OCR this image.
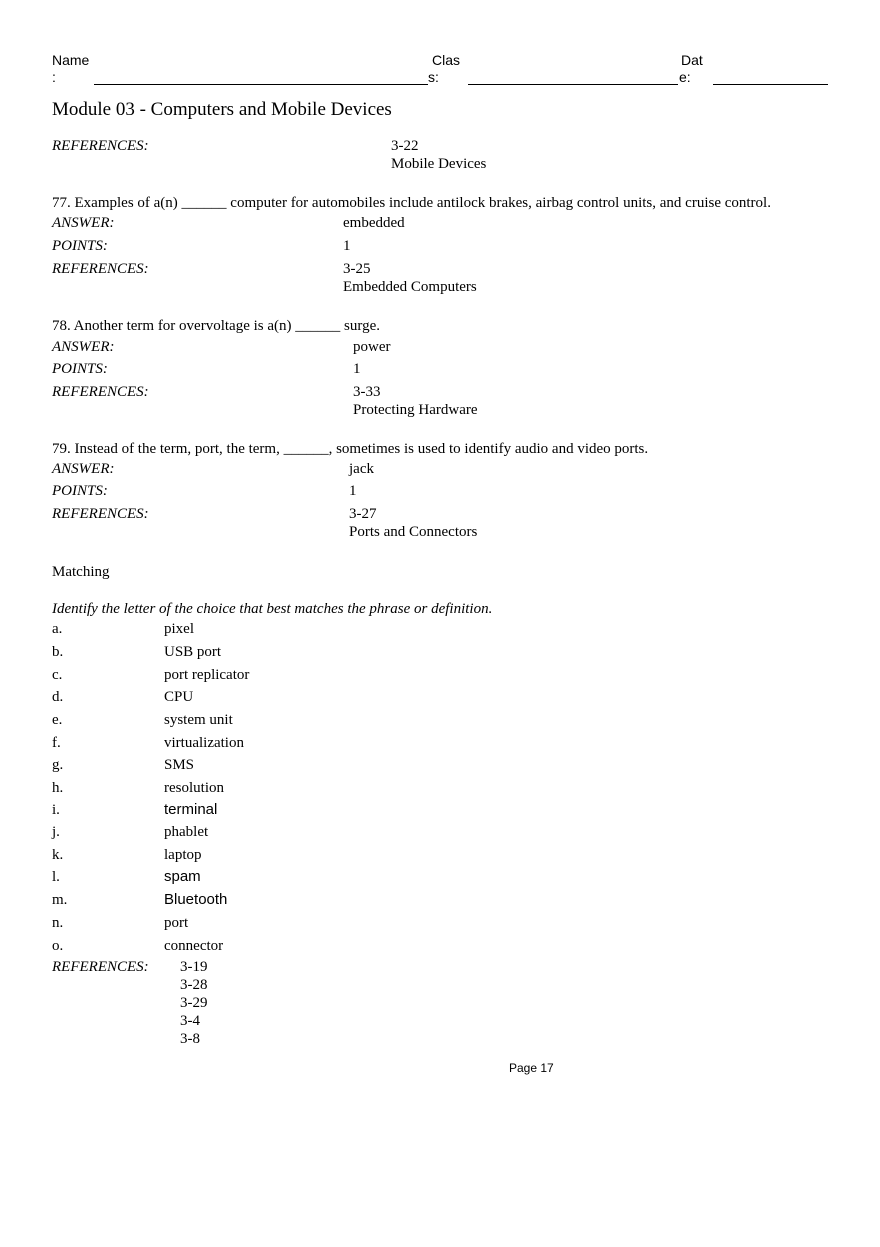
Name
:
Clas
s:
Dat
e:
Module 03 - Computers and Mobile Devices
REFERENCES:	3-22
Mobile Devices
77. Examples of a(n) ______ computer for automobiles include antilock brakes, airbag control units, and cruise control.
ANSWER:	embedded
POINTS:	1
REFERENCES:	3-25
Embedded Computers
78. Another term for overvoltage is a(n) ______ surge.
ANSWER:	power
POINTS:	1
REFERENCES:	3-33
Protecting Hardware
79. Instead of the term, port, the term, ______, sometimes is used to identify audio and video ports.
ANSWER:	jack
POINTS:	1
REFERENCES:	3-27
Ports and Connectors
Matching
Identify the letter of the choice that best matches the phrase or definition.
a.	pixel
b.	USB port
c.	port replicator
d.	CPU
e.	system unit
f.	virtualization
g.	SMS
h.	resolution
i.	terminal
j.	phablet
k.	laptop
l.	spam
m.	Bluetooth
n.	port
o.	connector
REFERENCES: 3-19
3-28
3-29
3-4
3-8
Page 17
